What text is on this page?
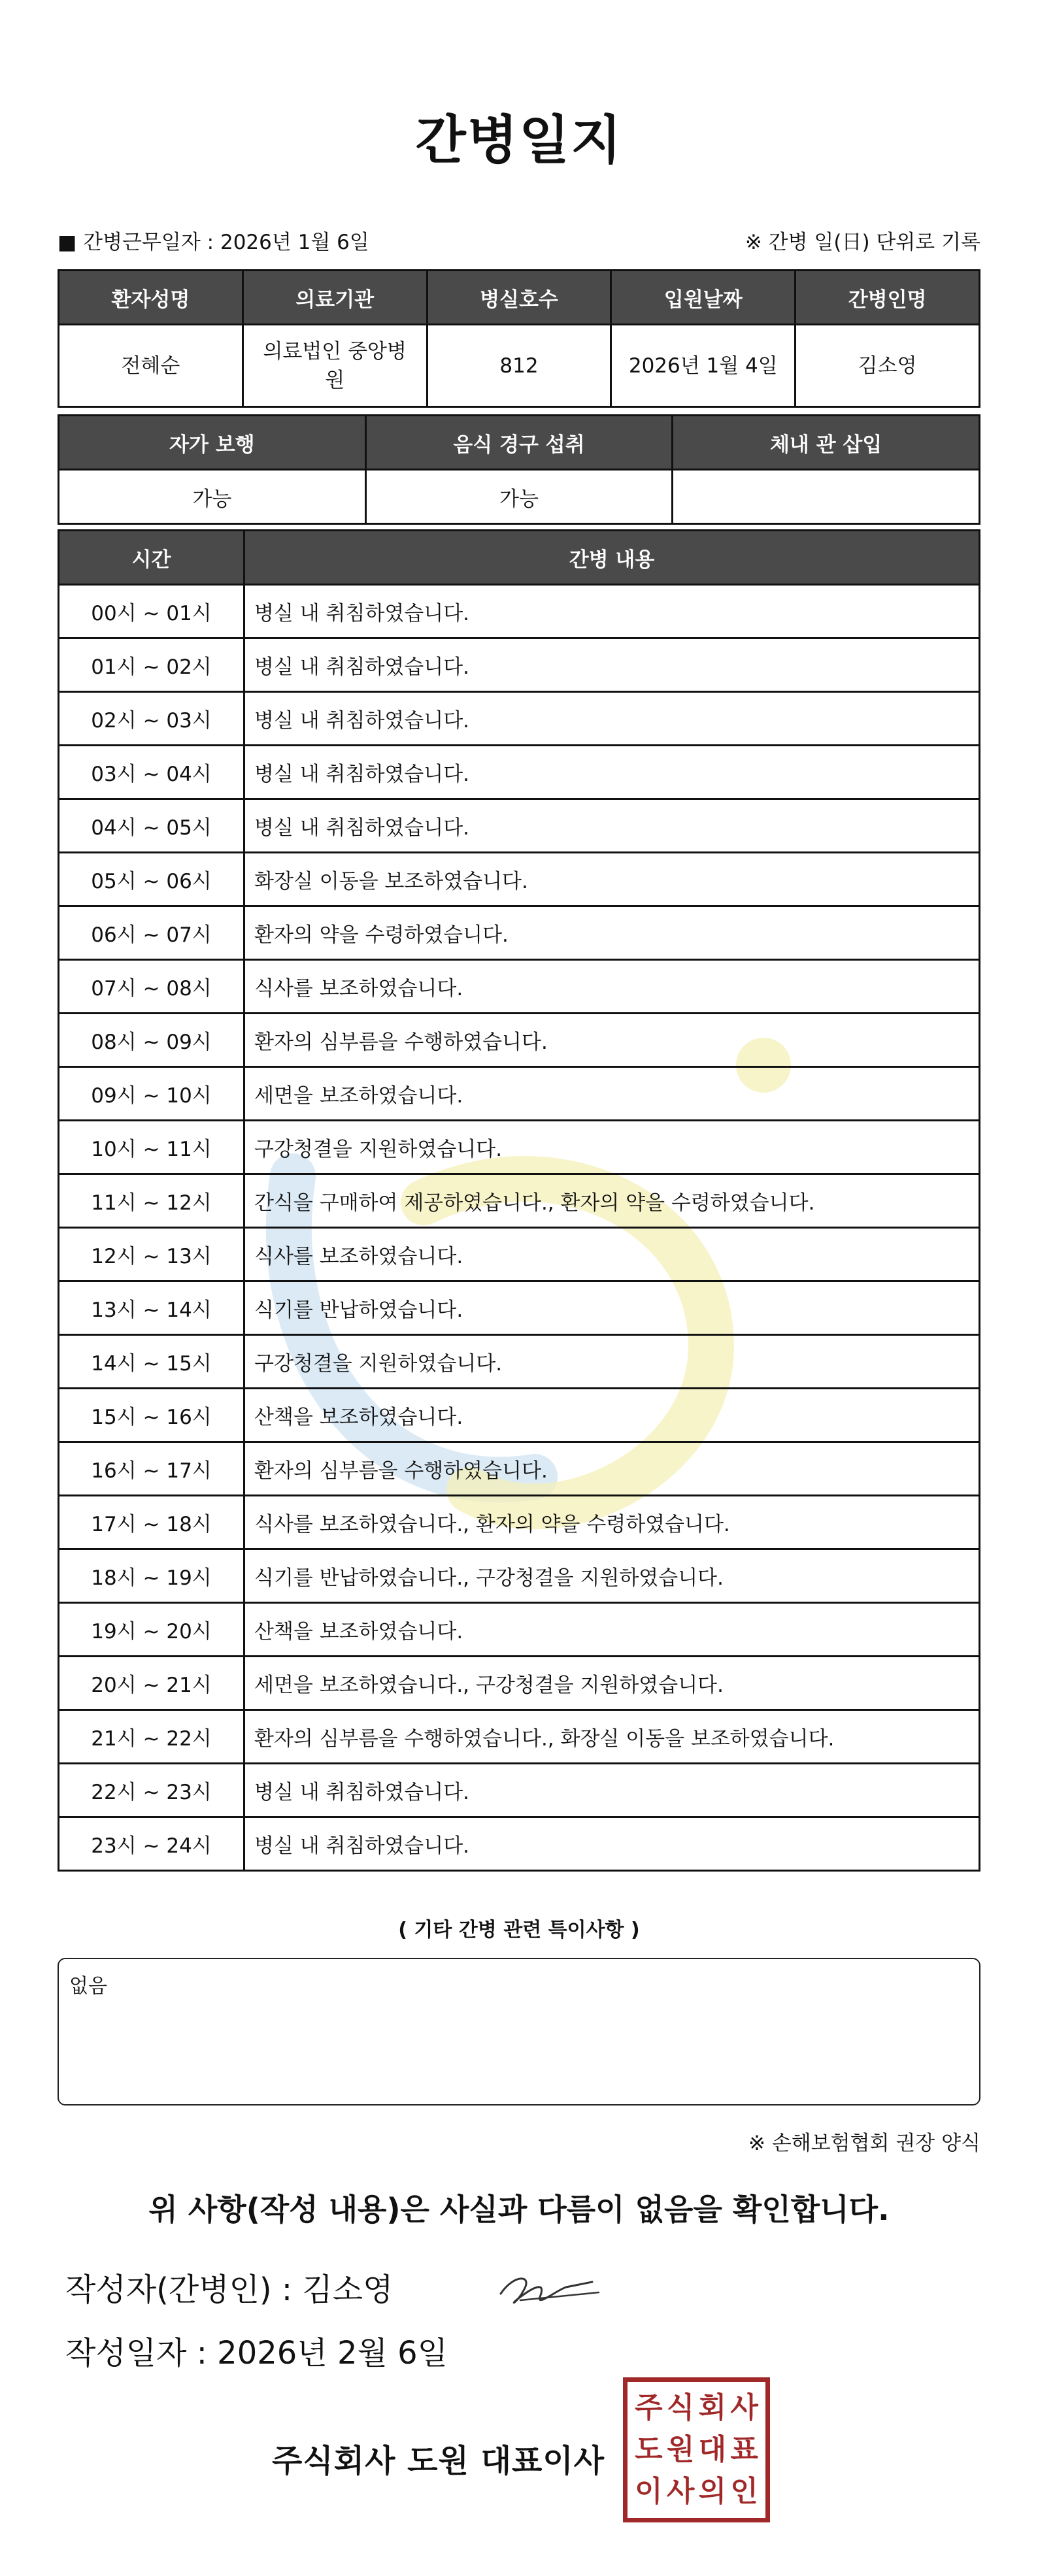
간병일지
■ 간병근무일자 : 2026년 1월 6일	※ 간병 일(日) 단위로 기록
환자성명	의료기관	병실호수	입원날짜	간병인명
전혜순	의료법인 중앙병원	812	2026년 1월 4일	김소영
자가 보행	음식 경구 섭취	체내 관 삽입
가능	가능	
시간	간병 내용
00시 ~ 01시	병실 내 취침하였습니다.
01시 ~ 02시	병실 내 취침하였습니다.
02시 ~ 03시	병실 내 취침하였습니다.
03시 ~ 04시	병실 내 취침하였습니다.
04시 ~ 05시	병실 내 취침하였습니다.
05시 ~ 06시	화장실 이동을 보조하였습니다.
06시 ~ 07시	환자의 약을 수령하였습니다.
07시 ~ 08시	식사를 보조하였습니다.
08시 ~ 09시	환자의 심부름을 수행하였습니다.
09시 ~ 10시	세면을 보조하였습니다.
10시 ~ 11시	구강청결을 지원하였습니다.
11시 ~ 12시	간식을 구매하여 제공하였습니다., 환자의 약을 수령하였습니다.
12시 ~ 13시	식사를 보조하였습니다.
13시 ~ 14시	식기를 반납하였습니다.
14시 ~ 15시	구강청결을 지원하였습니다.
15시 ~ 16시	산책을 보조하였습니다.
16시 ~ 17시	환자의 심부름을 수행하였습니다.
17시 ~ 18시	식사를 보조하였습니다., 환자의 약을 수령하였습니다.
18시 ~ 19시	식기를 반납하였습니다., 구강청결을 지원하였습니다.
19시 ~ 20시	산책을 보조하였습니다.
20시 ~ 21시	세면을 보조하였습니다., 구강청결을 지원하였습니다.
21시 ~ 22시	환자의 심부름을 수행하였습니다., 화장실 이동을 보조하였습니다.
22시 ~ 23시	병실 내 취침하였습니다.
23시 ~ 24시	병실 내 취침하였습니다.
( 기타 간병 관련 특이사항 )
없음
※ 손해보험협회 권장 양식
위 사항(작성 내용)은 사실과 다름이 없음을 확인합니다.
작성자(간병인) : 김소영
작성일자 : 2026년 2월 6일
주식회사 도원 대표이사
주 식 회 사
도 원 대 표
이 사 의 인
